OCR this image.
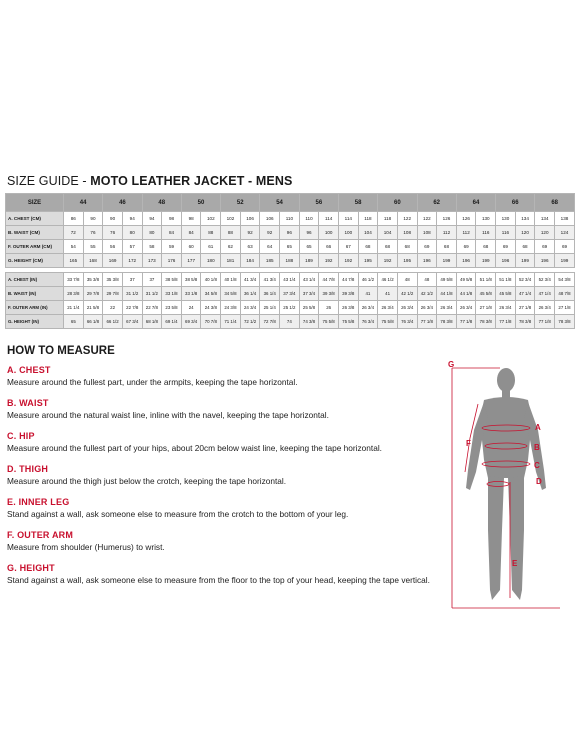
SIZE GUIDE - MOTO LEATHER JACKET - MENS
SIZE	44		46		48		50		52		54		56		58		60		62		64		66		68	
A. CHEST (CM)	86	90	90	94	94	98	98	102	102	106	106	110	110	114	114	118	118	122	122	126	126	130	130	134	134	138
B. WAIST (CM)	72	76	76	80	80	84	84	88	88	92	92	96	96	100	100	104	104	108	108	112	112	116	116	120	120	124
F. OUTER ARM (CM)	54	55	56	57	58	59	60	61	62	63	64	65	65	66	67	68	68	68	69	68	69	68	69	68	69	69
G. HEIGHT (CM)	165	168	169	172	173	176	177	180	181	184	185	188	189	192	192	195	192	195	196	199	196	199	196	199	196	199
A. CHEST (IN)	33 7/8	35 3/8	35 3/8	37	37	38 5/8	38 5/8	40 1/8	40 1/8	41 3/4	41 3/4	43 1/4	43 1/4	44 7/8	44 7/8	46 1/2	46 1/2	48	48	49 5/8	49 5/8	51 1/8	51 1/8	52 3/4	52 3/4	54 3/8
B. WAIST (IN)	28 3/8	29 7/8	29 7/8	31 1/2	31 1/2	33 1/8	33 1/8	34 5/8	34 5/8	36 1/4	36 1/4	37 3/4	37 3/4	39 3/8	39 3/8	41	41	42 1/2	42 1/2	44 1/8	44 1/8	45 5/8	45 5/8	47 1/4	47 1/4	48 7/8
F. OUTER ARM (IN)	21 1/4	21 5/8	22	22 7/8	22 7/8	23 5/8	24	24 3/8	24 3/8	24 3/4	25 1/4	25 1/2	25 5/8	26	26 3/8	26 3/4	26 3/4	26 3/4	26 3/4	26 3/4	26 3/4	27 1/8	26 3/4	27 1/8	26 3/4	27 1/8
G. HEIGHT (IN)	65	66 1/8	66 1/2	67 3/4	68 1/8	69 1/4	69 3/4	70 7/8	71 1/4	72 1/2	72 7/8	74	74 3/8	75 5/8	75 5/8	76 3/4	75 5/8	76 3/4	77 1/8	78 3/8	77 1/8	78 3/8	77 1/8	78 3/8	77 1/8	78 3/8
HOW TO MEASURE
A. CHEST
Measure around the fullest part, under the armpits, keeping the tape horizontal.
B. WAIST
Measure around the natural waist line, inline with the navel, keeping the tape horizontal.
C. HIP
Measure around the fullest part of your hips, about 20cm below waist line, keeping the tape horizontal.
D. THIGH
Measure around the thigh just below the crotch, keeping the tape horizontal.
E. INNER LEG
Stand against a wall, ask someone else to measure from the crotch to the bottom of your leg.
F. OUTER ARM
Measure from shoulder (Humerus) to wrist.
G. HEIGHT
Stand against a wall, ask someone else to measure from the floor to the top of your head, keeping the tape vertical.
G
F
A
B
C
D
E
